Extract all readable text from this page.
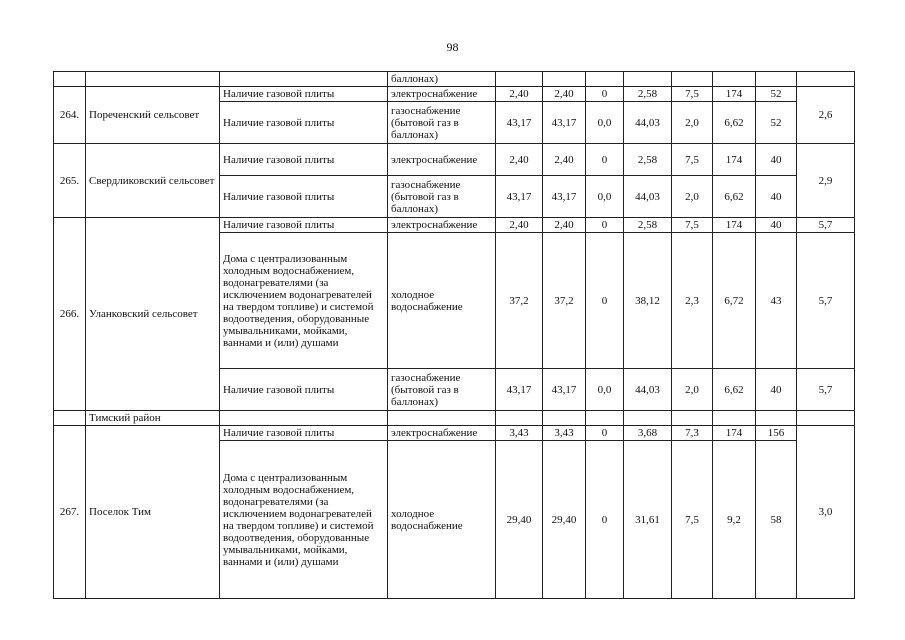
98
			баллонах)								
264.	Пореченский сельсовет	Наличие газовой плиты	электроснабжение	2,40	2,40	0	2,58	7,5	174	52	2,6
		Наличие газовой плиты	газоснабжение (бытовой газ в баллонах)	43,17	43,17	0,0	44,03	2,0	6,62	52	
265.	Свердликовский сельсовет	Наличие газовой плиты	электроснабжение	2,40	2,40	0	2,58	7,5	174	40	2,9
		Наличие газовой плиты	газоснабжение (бытовой газ в баллонах)	43,17	43,17	0,0	44,03	2,0	6,62	40	
266.	Уланковский сельсовет	Наличие газовой плиты	электроснабжение	2,40	2,40	0	2,58	7,5	174	40	5,7
		Дома с централизованным холодным водоснабжением, водонагревателями (за исключением водонагревателей на твердом топливе) и системой водоотведения, оборудованные умывальниками, мойками, ваннами и (или) душами	холодное водоснабжение	37,2	37,2	0	38,12	2,3	6,72	43	5,7
		Наличие газовой плиты	газоснабжение (бытовой газ в баллонах)	43,17	43,17	0,0	44,03	2,0	6,62	40	5,7
	Тимский район										
267.	Поселок Тим	Наличие газовой плиты	электроснабжение	3,43	3,43	0	3,68	7,3	174	156	3,0
		Дома с централизованным холодным водоснабжением, водонагревателями (за исключением водонагревателей на твердом топливе) и системой водоотведения, оборудованные умывальниками, мойками, ваннами и (или) душами	холодное водоснабжение	29,40	29,40	0	31,61	7,5	9,2	58	
